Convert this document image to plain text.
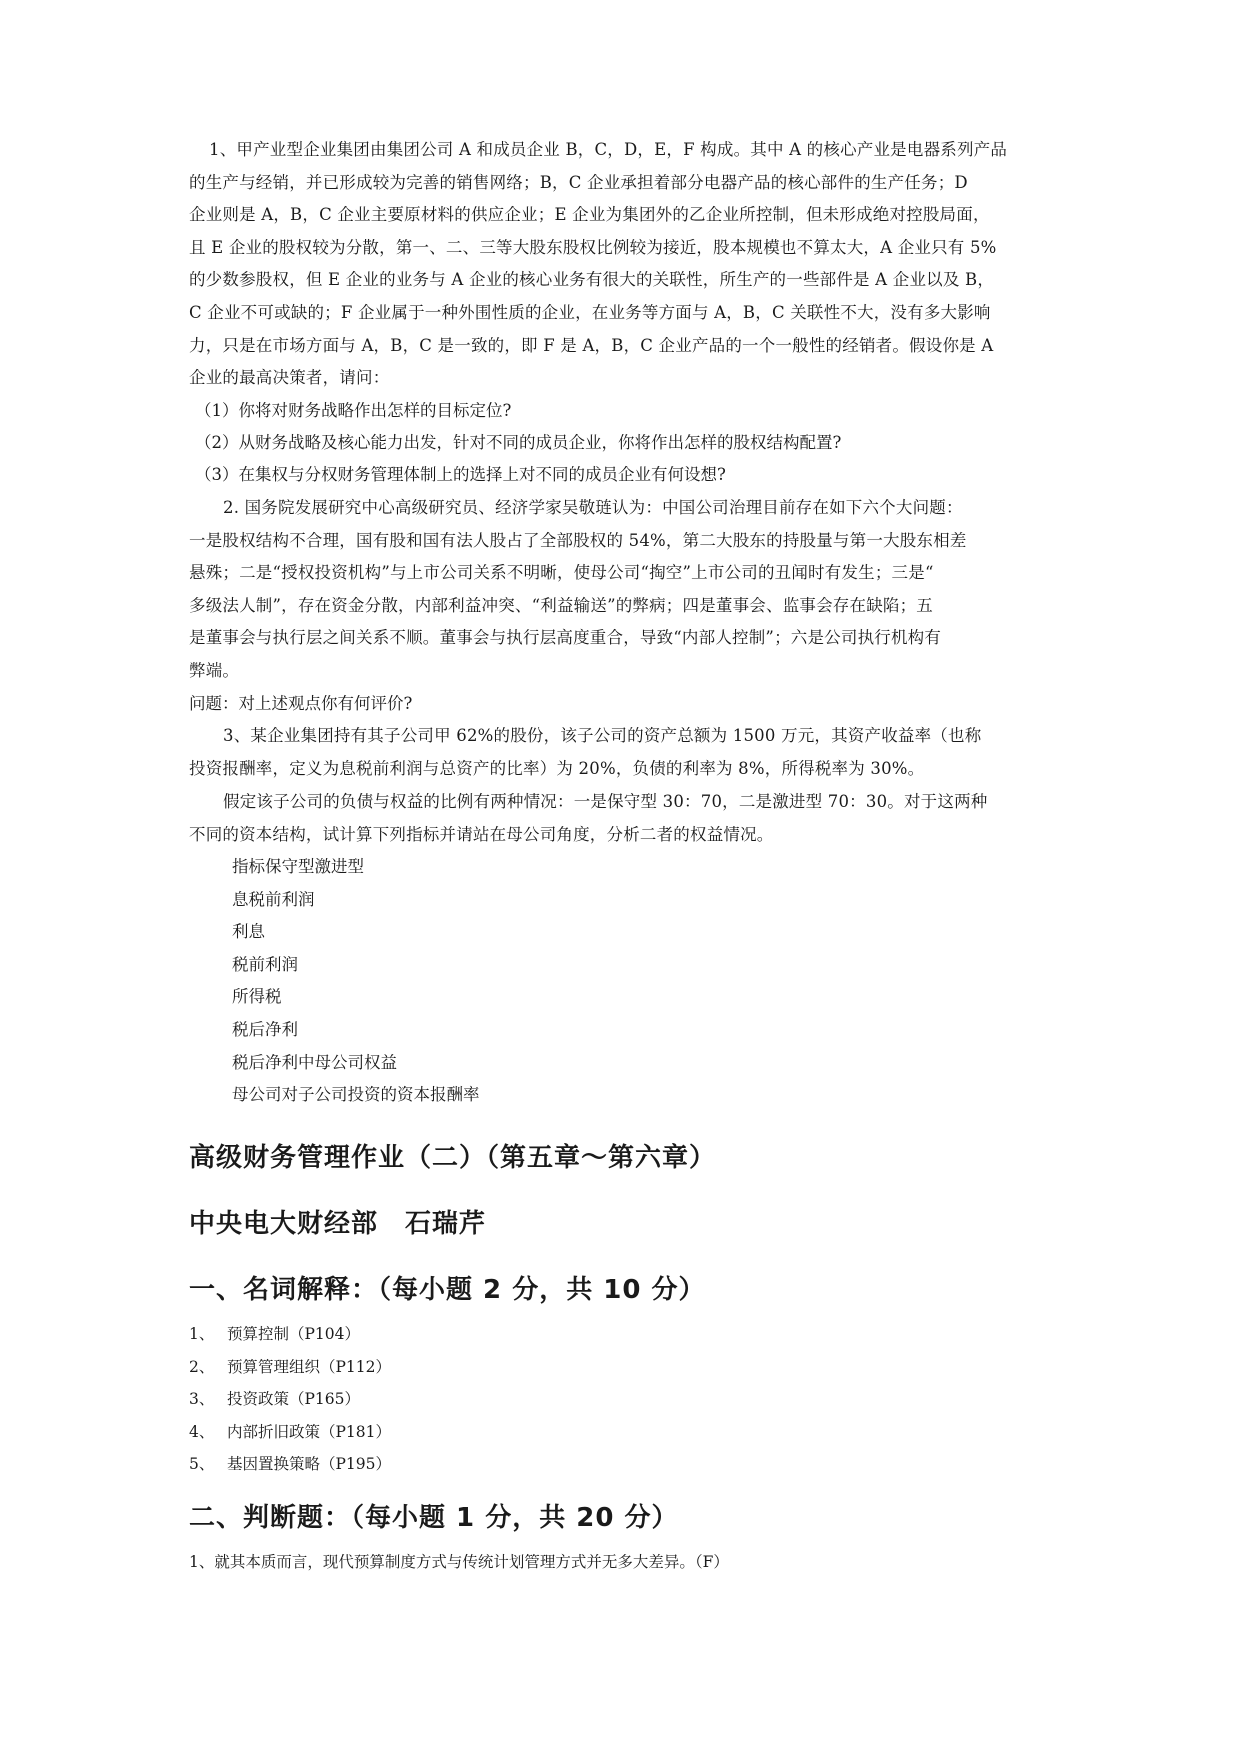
1、甲产业型企业集团由集团公司 A 和成员企业 B，C，D，E，F 构成。其中 A 的核心产业是电器系列产品
的生产与经销，并已形成较为完善的销售网络；B，C 企业承担着部分电器产品的核心部件的生产任务；D
企业则是 A，B，C 企业主要原材料的供应企业；E 企业为集团外的乙企业所控制，但未形成绝对控股局面，
且 E 企业的股权较为分散，第一、二、三等大股东股权比例较为接近，股本规模也不算太大，A 企业只有 5%
的少数参股权，但 E 企业的业务与 A 企业的核心业务有很大的关联性，所生产的一些部件是 A 企业以及 B，
C 企业不可或缺的；F 企业属于一种外围性质的企业，在业务等方面与 A，B，C 关联性不大，没有多大影响
力，只是在市场方面与 A，B，C 是一致的，即 F 是 A，B，C 企业产品的一个一般性的经销者。假设你是 A
企业的最高决策者，请问：
（1）你将对财务战略作出怎样的目标定位?
（2）从财务战略及核心能力出发，针对不同的成员企业，你将作出怎样的股权结构配置?
（3）在集权与分权财务管理体制上的选择上对不同的成员企业有何设想?
2. 国务院发展研究中心高级研究员、经济学家吴敬琏认为：中国公司治理目前存在如下六个大问题：
一是股权结构不合理，国有股和国有法人股占了全部股权的 54%，第二大股东的持股量与第一大股东相差
悬殊；二是“授权投资机构”与上市公司关系不明晰，使母公司“掏空”上市公司的丑闻时有发生；三是“
多级法人制”，存在资金分散，内部利益冲突、“利益输送”的弊病；四是董事会、监事会存在缺陷；五
是董事会与执行层之间关系不顺。董事会与执行层高度重合，导致“内部人控制”；六是公司执行机构有
弊端。
问题：对上述观点你有何评价?
3、某企业集团持有其子公司甲 62%的股份，该子公司的资产总额为 1500 万元，其资产收益率（也称
投资报酬率，定义为息税前利润与总资产的比率）为 20%，负债的利率为 8%，所得税率为 30%。
假定该子公司的负债与权益的比例有两种情况：一是保守型 30：70，二是激进型 70：30。对于这两种
不同的资本结构，试计算下列指标并请站在母公司角度，分析二者的权益情况。
指标保守型激进型
息税前利润
利息
税前利润
所得税
税后净利
税后净利中母公司权益
母公司对子公司投资的资本报酬率
高级财务管理作业（二）（第五章～第六章）
中央电大财经部　石瑞芹
一、名词解释：（每小题 2 分，共 10 分）
1、 预算控制（P104）
2、 预算管理组织（P112）
3、 投资政策（P165）
4、 内部折旧政策（P181）
5、 基因置换策略（P195）
二、判断题：（每小题 1 分，共 20 分）
1、就其本质而言，现代预算制度方式与传统计划管理方式并无多大差异。（F）
